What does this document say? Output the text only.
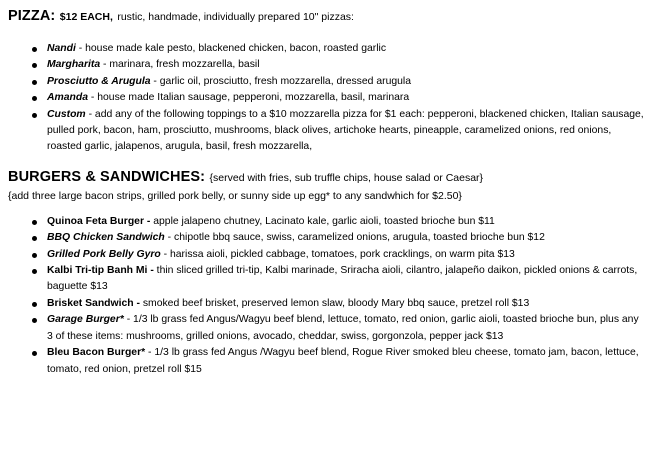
PIZZA: $12 EACH, rustic, handmade, individually prepared 10" pizzas:
Nandi - house made kale pesto, blackened chicken, bacon, roasted garlic
Margharita - marinara, fresh mozzarella, basil
Prosciutto & Arugula - garlic oil, prosciutto, fresh mozzarella, dressed arugula
Amanda - house made Italian sausage, pepperoni, mozzarella, basil, marinara
Custom - add any of the following toppings to a $10 mozzarella pizza for $1 each: pepperoni, blackened chicken, Italian sausage, pulled pork, bacon, ham, prosciutto, mushrooms, black olives, artichoke hearts, pineapple, caramelized onions, red onions, roasted garlic, jalapenos, arugula, basil, fresh mozzarella,
BURGERS & SANDWICHES: {served with fries, sub truffle chips, house salad or Caesar}
{add three large bacon strips, grilled pork belly, or sunny side up egg* to any sandwhich for $2.50}
Quinoa Feta Burger - apple jalapeno chutney, Lacinato kale, garlic aioli, toasted brioche bun $11
BBQ Chicken Sandwich - chipotle bbq sauce, swiss, caramelized onions, arugula, toasted brioche bun $12
Grilled Pork Belly Gyro - harissa aioli, pickled cabbage, tomatoes, pork cracklings, on warm pita $13
Kalbi Tri-tip Banh Mi - thin sliced grilled tri-tip, Kalbi marinade, Sriracha aioli, cilantro, jalapeño daikon, pickled onions & carrots, baguette $13
Brisket Sandwich - smoked beef brisket, preserved lemon slaw, bloody Mary bbq sauce, pretzel roll $13
Garage Burger* - 1/3 lb grass fed Angus/Wagyu beef blend, lettuce, tomato, red onion, garlic aioli, toasted brioche bun, plus any 3 of these items: mushrooms, grilled onions, avocado, cheddar, swiss, gorgonzola, pepper jack $13
Bleu Bacon Burger* - 1/3 lb grass fed Angus /Wagyu beef blend, Rogue River smoked bleu cheese, tomato jam, bacon, lettuce, tomato, red onion, pretzel roll $15
